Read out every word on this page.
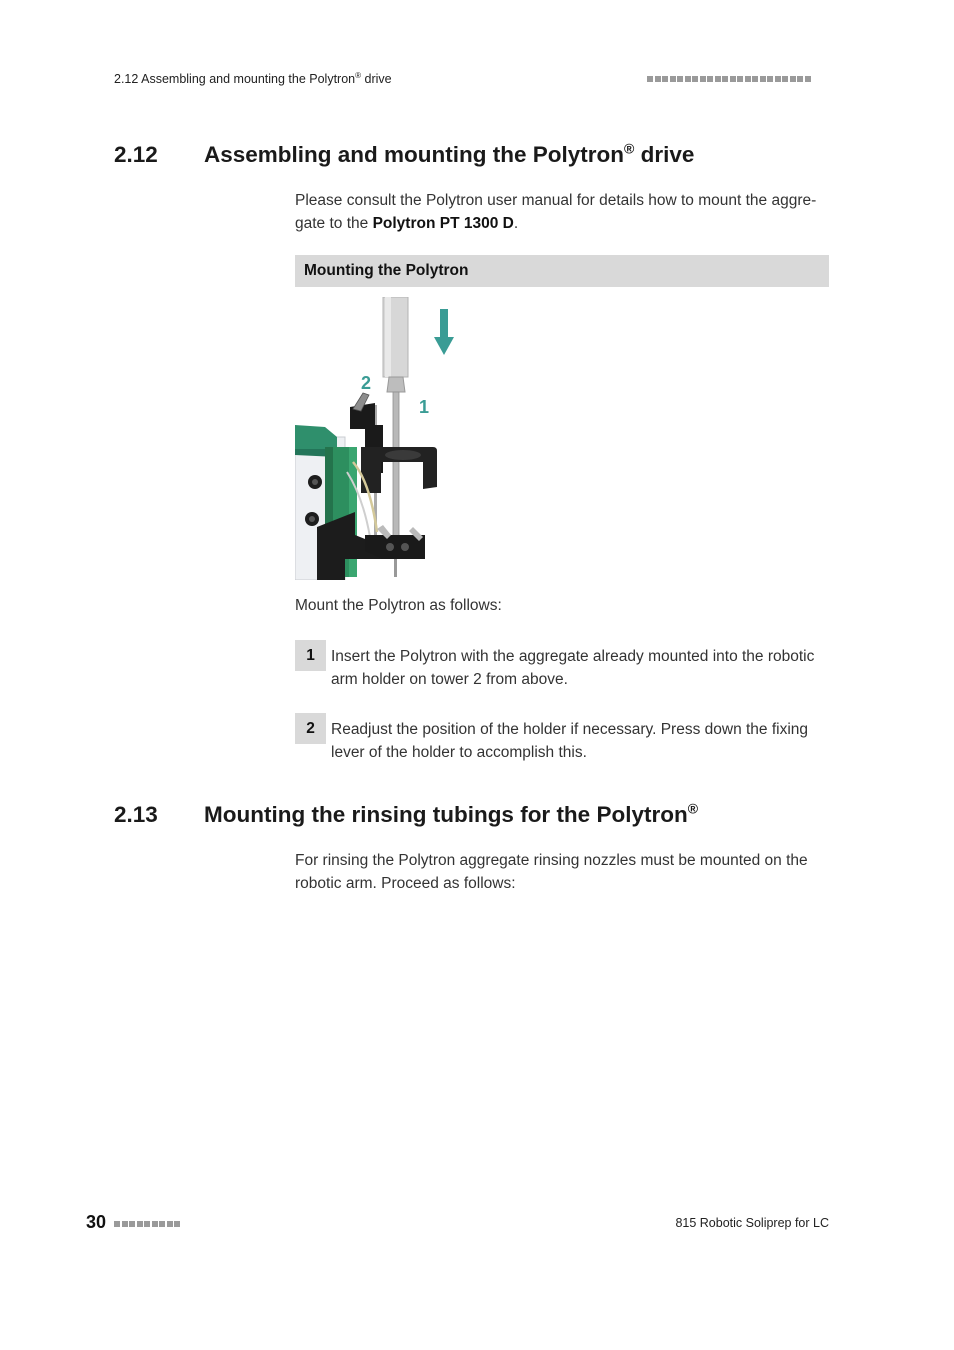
2.12 Assembling and mounting the Polytron® drive
2.12 Assembling and mounting the Polytron® drive
Please consult the Polytron user manual for details how to mount the aggre-
gate to the Polytron PT 1300 D.
Mounting the Polytron
2
1
Mount the Polytron as follows:
1	Insert the Polytron with the aggregate already mounted into the robotic
arm holder on tower 2 from above.
2	Readjust the position of the holder if necessary. Press down the fixing
lever of the holder to accomplish this.
2.13 Mounting the rinsing tubings for the Polytron®
For rinsing the Polytron aggregate rinsing nozzles must be mounted on the
robotic arm. Proceed as follows:
30	815 Robotic Soliprep for LC
